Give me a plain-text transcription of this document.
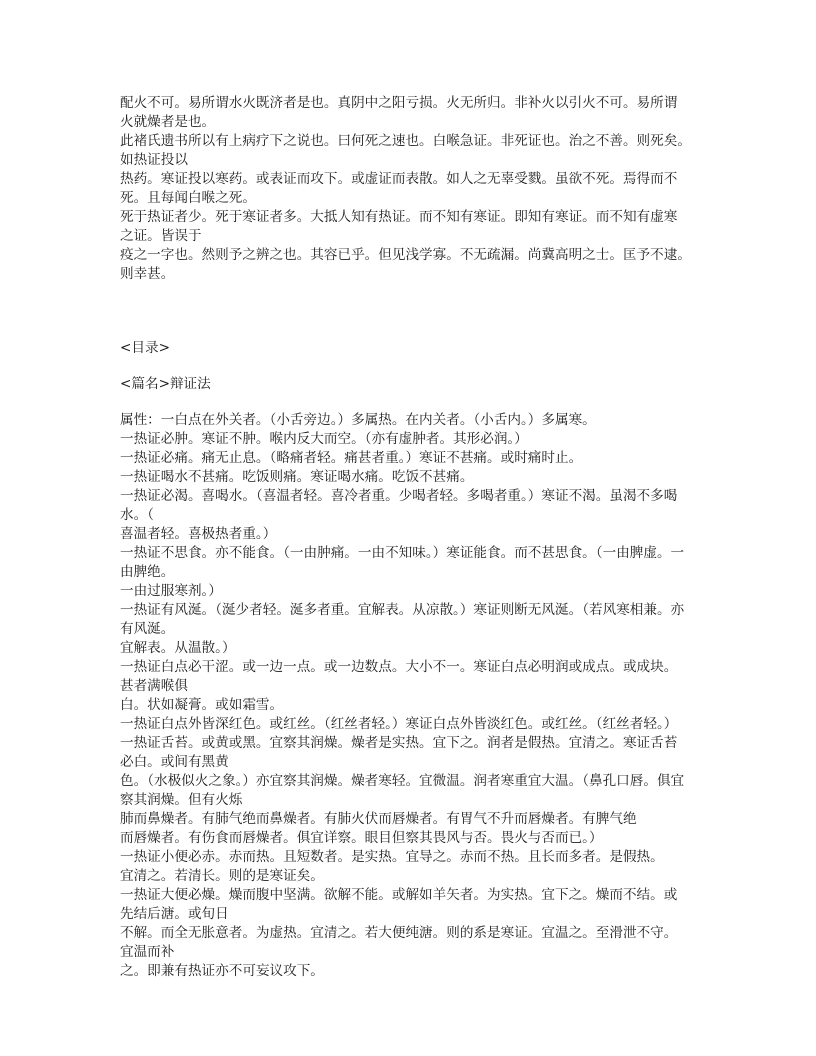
配火不可。易所谓水火既济者是也。真阴中之阳亏损。火无所归。非补火以引火不可。易所谓
火就燥者是也。
此褚氏遗书所以有上病疗下之说也。曰何死之速也。白喉急证。非死证也。治之不善。则死矣。
如热证投以
热药。寒证投以寒药。或表证而攻下。或虚证而表散。如人之无辜受戮。虽欲不死。焉得而不
死。且每闻白喉之死。
死于热证者少。死于寒证者多。大抵人知有热证。而不知有寒证。即知有寒证。而不知有虚寒
之证。皆误于
疫之一字也。然则予之辨之也。其容已乎。但见浅学寡。不无疏漏。尚冀高明之士。匡予不逮。
则幸甚。
<目录>
<篇名>辩证法
属性：一白点在外关者。（小舌旁边。）多属热。在内关者。（小舌内。）多属寒。
一热证必肿。寒证不肿。喉内反大而空。（亦有虚肿者。其形必润。）
一热证必痛。痛无止息。（略痛者轻。痛甚者重。）寒证不甚痛。或时痛时止。
一热证喝水不甚痛。吃饭则痛。寒证喝水痛。吃饭不甚痛。
一热证必渴。喜喝水。（喜温者轻。喜冷者重。少喝者轻。多喝者重。）寒证不渴。虽渴不多喝
水。（
喜温者轻。喜极热者重。）
一热证不思食。亦不能食。（一由肿痛。一由不知味。）寒证能食。而不甚思食。（一由脾虚。一
由脾绝。
一由过服寒剂。）
一热证有风涎。（涎少者轻。涎多者重。宜解表。从凉散。）寒证则断无风涎。（若风寒相兼。亦
有风涎。
宜解表。从温散。）
一热证白点必干涩。或一边一点。或一边数点。大小不一。寒证白点必明润或成点。或成块。
甚者满喉俱
白。状如凝膏。或如霜雪。
一热证白点外皆深红色。或红丝。（红丝者轻。）寒证白点外皆淡红色。或红丝。（红丝者轻。）
一热证舌苔。或黄或黑。宜察其润燥。燥者是实热。宜下之。润者是假热。宜清之。寒证舌苔
必白。或间有黑黄
色。（水极似火之象。）亦宜察其润燥。燥者寒轻。宜微温。润者寒重宜大温。（鼻孔口唇。俱宜
察其润燥。但有火烁
肺而鼻燥者。有肺气绝而鼻燥者。有肺火伏而唇燥者。有胃气不升而唇燥者。有脾气绝
而唇燥者。有伤食而唇燥者。俱宜详察。眼目但察其畏风与否。畏火与否而已。）
一热证小便必赤。赤而热。且短数者。是实热。宜导之。赤而不热。且长而多者。是假热。
宜清之。若清长。则的是寒证矣。
一热证大便必燥。燥而腹中坚满。欲解不能。或解如羊矢者。为实热。宜下之。燥而不结。或
先结后溏。或旬日
不解。而全无胀意者。为虚热。宜清之。若大便纯溏。则的系是寒证。宜温之。至滑泄不守。
宜温而补
之。即兼有热证亦不可妄议攻下。
